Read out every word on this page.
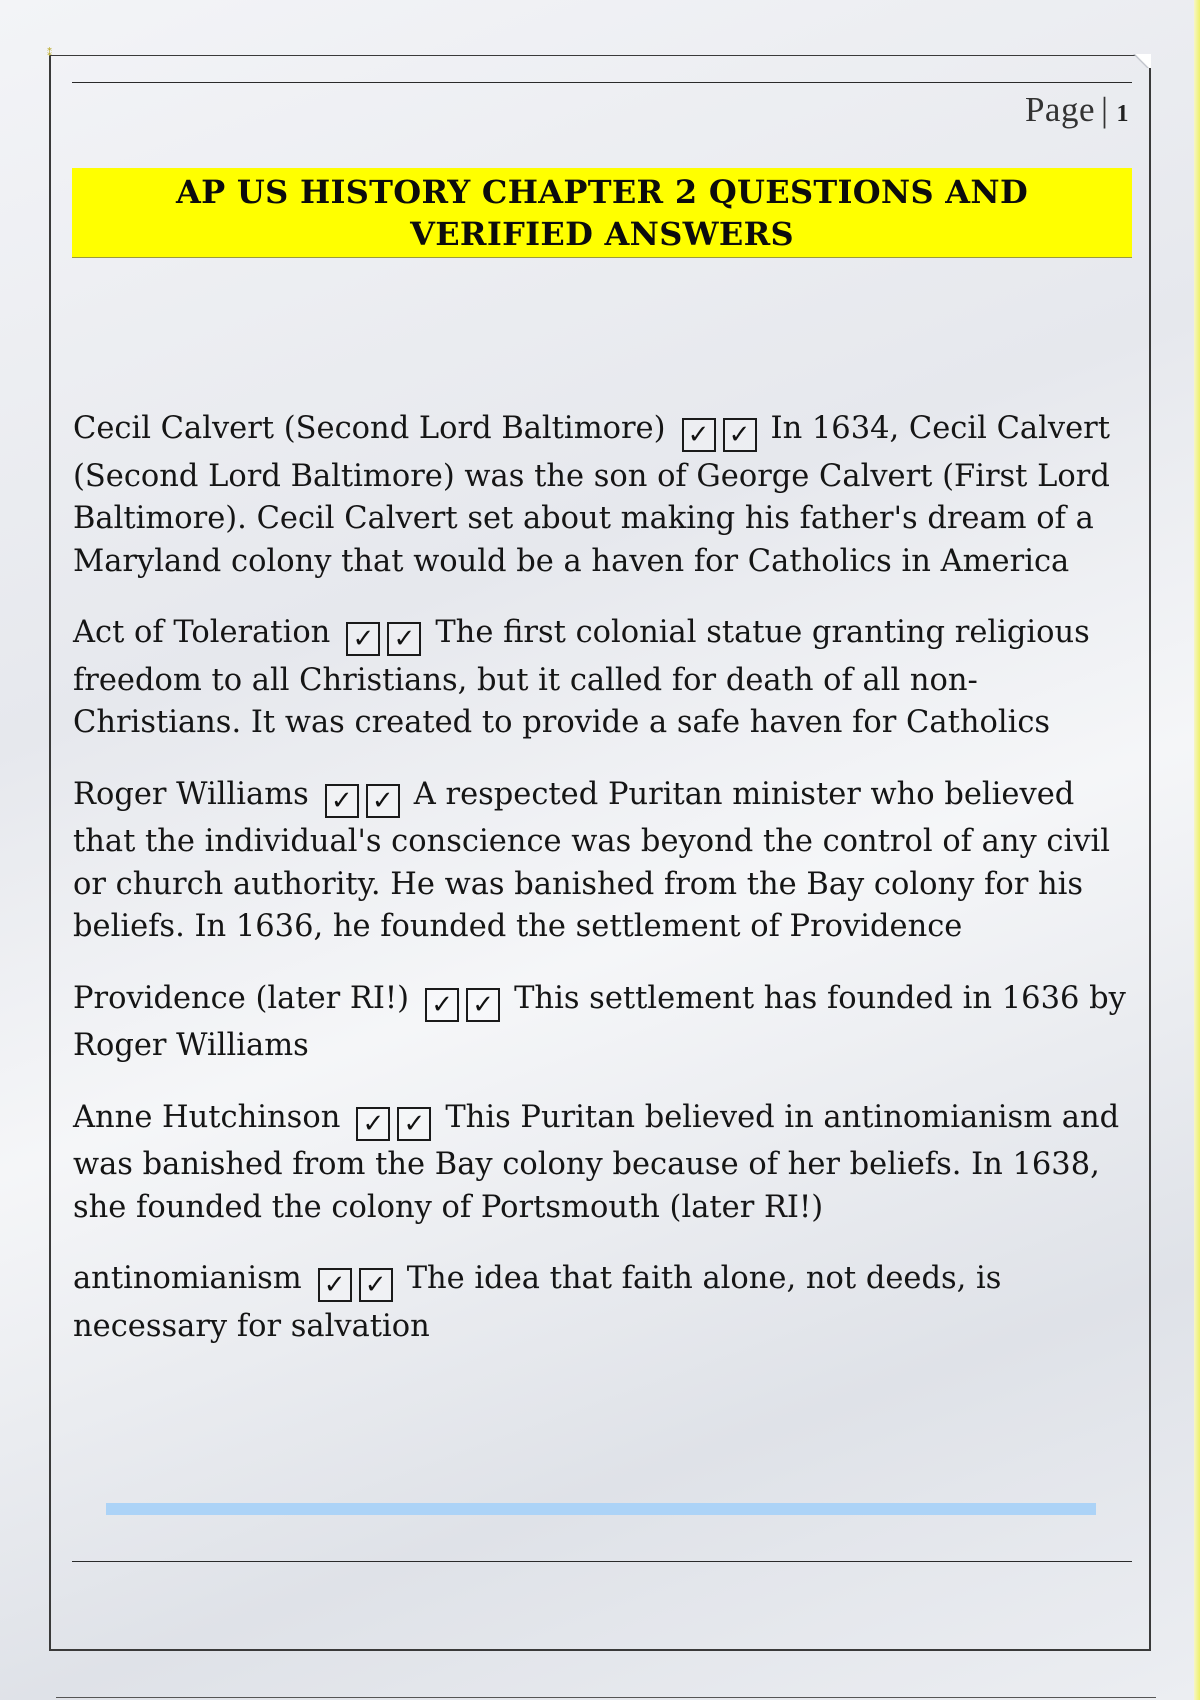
⁑
Page | 1
AP US HISTORY CHAPTER 2 QUESTIONS AND VERIFIED ANSWERS

Cecil Calvert (Second Lord Baltimore) ✓ ✓ In 1634, Cecil Calvert (Second Lord Baltimore) was the son of George Calvert (First Lord Baltimore). Cecil Calvert set about making his father's dream of a Maryland colony that would be a haven for Catholics in America

Act of Toleration ✓ ✓ The first colonial statue granting religious freedom to all Christians, but it called for death of all non-Christians. It was created to provide a safe haven for Catholics

Roger Williams ✓ ✓ A respected Puritan minister who believed that the individual's conscience was beyond the control of any civil or church authority. He was banished from the Bay colony for his beliefs. In 1636, he founded the settlement of Providence

Providence (later RI!) ✓ ✓ This settlement has founded in 1636 by Roger Williams

Anne Hutchinson ✓ ✓ This Puritan believed in antinomianism and was banished from the Bay colony because of her beliefs. In 1638, she founded the colony of Portsmouth (later RI!)

antinomianism ✓ ✓ The idea that faith alone, not deeds, is necessary for salvation
